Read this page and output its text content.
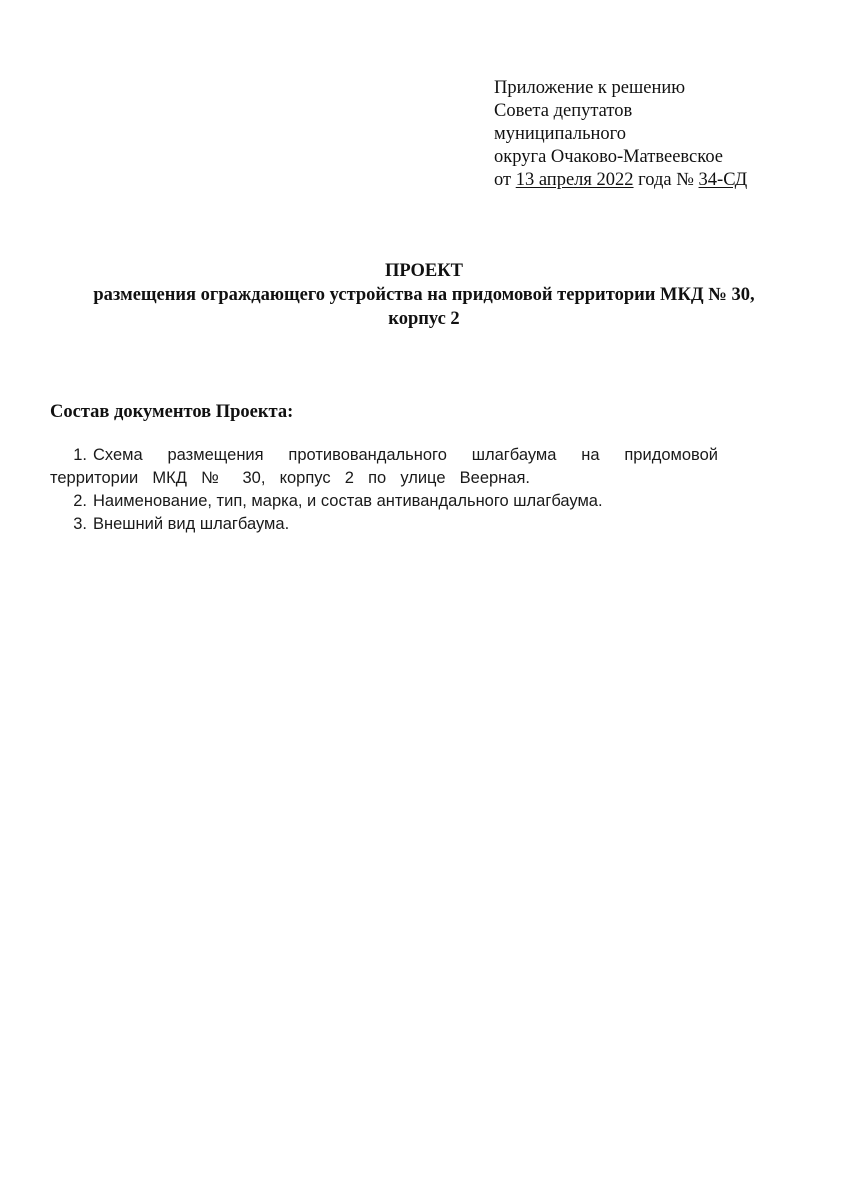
Приложение к решению
Совета депутатов
муниципального
округа Очаково-Матвеевское
от 13 апреля 2022 года № 34-СД
ПРОЕКТ
размещения ограждающего устройства на придомовой территории МКД № 30,
корпус 2
Состав документов Проекта:
1. Схема размещения противовандального шлагбаума на придомовой
территории МКД № 30, корпус 2 по улице Веерная.
2. Наименование, тип, марка, и состав антивандального шлагбаума.
3. Внешний вид шлагбаума.
